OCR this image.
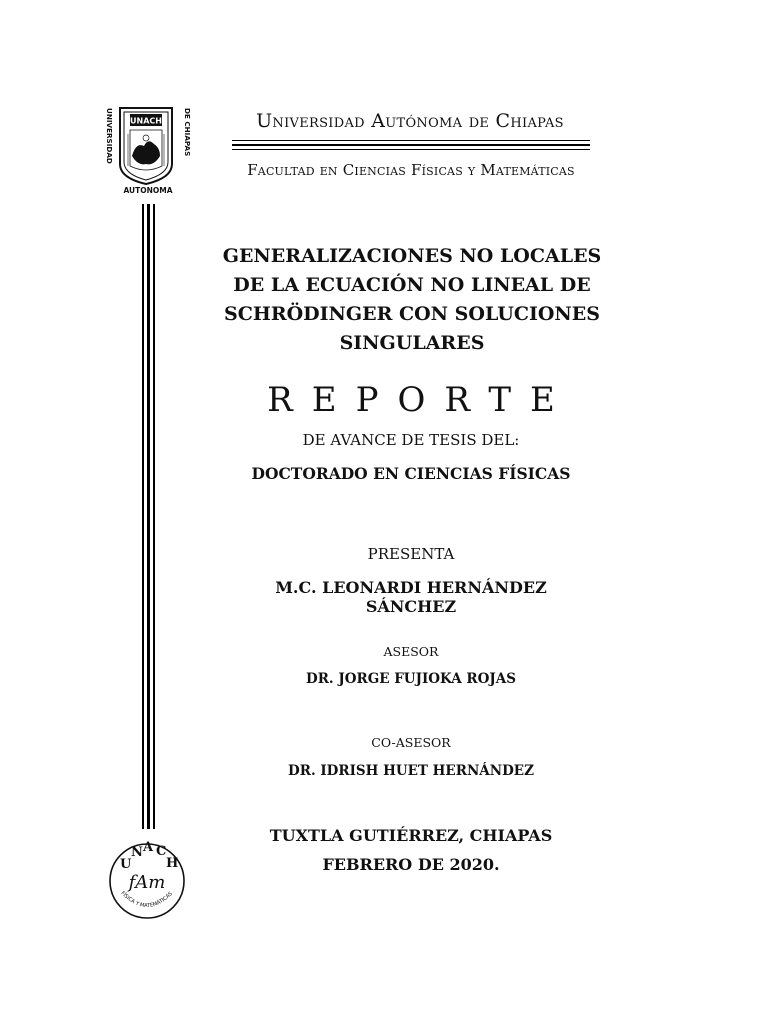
UNIVERSIDAD	DE CHIAPAS
UNACH
AUTONOMA
U
N A C
H
fAm
FÍSICA Y MATEMÁTICAS
Universidad Autónoma de Chiapas
Facultad en Ciencias Físicas y Matemáticas
GENERALIZACIONES NO LOCALES
DE LA ECUACIÓN NO LINEAL DE
SCHRÖDINGER CON SOLUCIONES
SINGULARES
REPORTE
DE AVANCE DE TESIS DEL:
DOCTORADO EN CIENCIAS FÍSICAS
PRESENTA
M.C. LEONARDI HERNÁNDEZ SÁNCHEZ
ASESOR
DR. JORGE FUJIOKA ROJAS
CO-ASESOR
DR. IDRISH HUET HERNÁNDEZ
TUXTLA GUTIÉRREZ, CHIAPAS
FEBRERO DE 2020.
